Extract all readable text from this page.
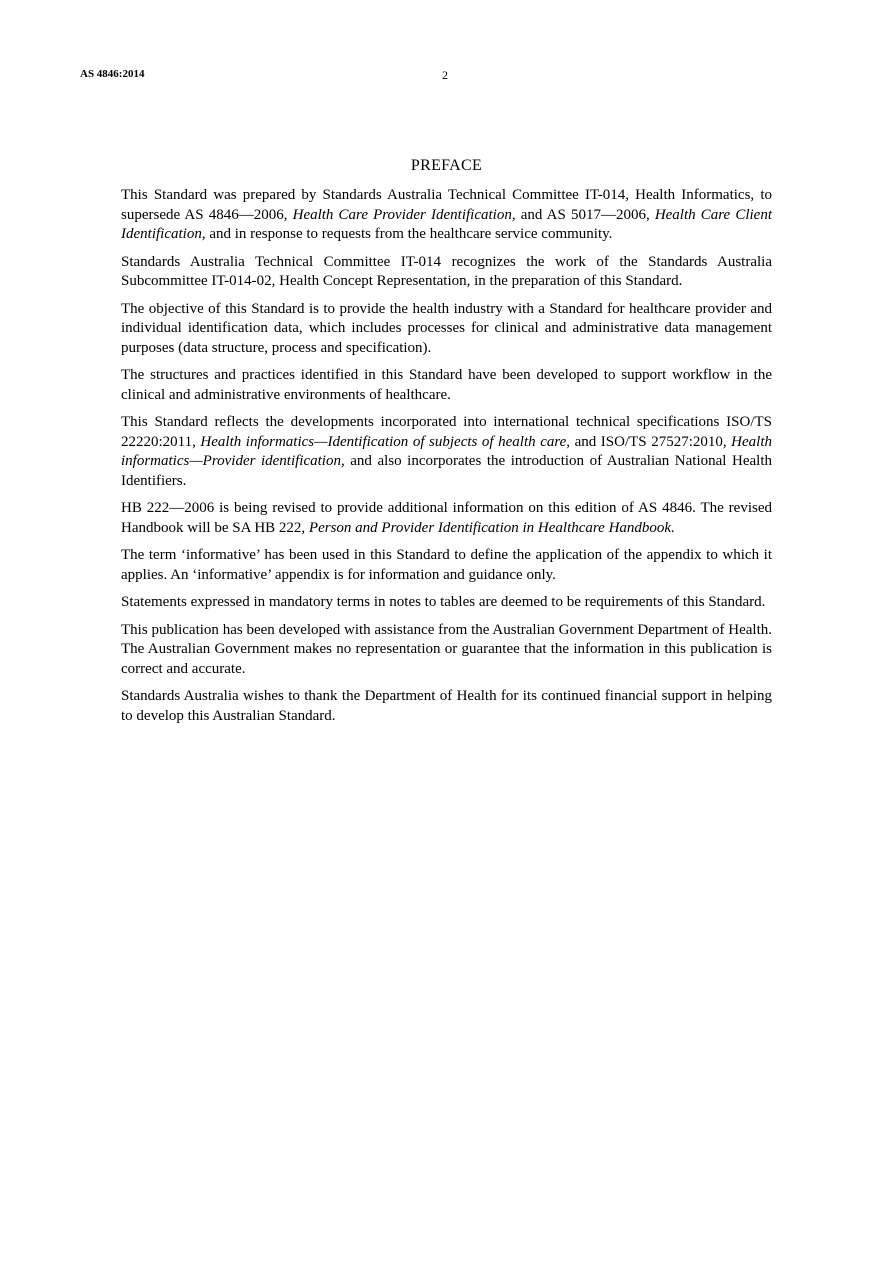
AS 4846:2014	2
PREFACE

This Standard was prepared by Standards Australia Technical Committee IT-014, Health Informatics, to supersede AS 4846—2006, Health Care Provider Identification, and AS 5017—2006, Health Care Client Identification, and in response to requests from the healthcare service community.

Standards Australia Technical Committee IT-014 recognizes the work of the Standards Australia Subcommittee IT-014-02, Health Concept Representation, in the preparation of this Standard.

The objective of this Standard is to provide the health industry with a Standard for healthcare provider and individual identification data, which includes processes for clinical and administrative data management purposes (data structure, process and specification).

The structures and practices identified in this Standard have been developed to support workflow in the clinical and administrative environments of healthcare.

This Standard reflects the developments incorporated into international technical specifications ISO/TS 22220:2011, Health informatics—Identification of subjects of health care, and ISO/TS 27527:2010, Health informatics—Provider identification, and also incorporates the introduction of Australian National Health Identifiers.

HB 222—2006 is being revised to provide additional information on this edition of AS 4846. The revised Handbook will be SA HB 222, Person and Provider Identification in Healthcare Handbook.

The term ‘informative’ has been used in this Standard to define the application of the appendix to which it applies. An ‘informative’ appendix is for information and guidance only.

Statements expressed in mandatory terms in notes to tables are deemed to be requirements of this Standard.

This publication has been developed with assistance from the Australian Government Department of Health. The Australian Government makes no representation or guarantee that the information in this publication is correct and accurate.

Standards Australia wishes to thank the Department of Health for its continued financial support in helping to develop this Australian Standard.
